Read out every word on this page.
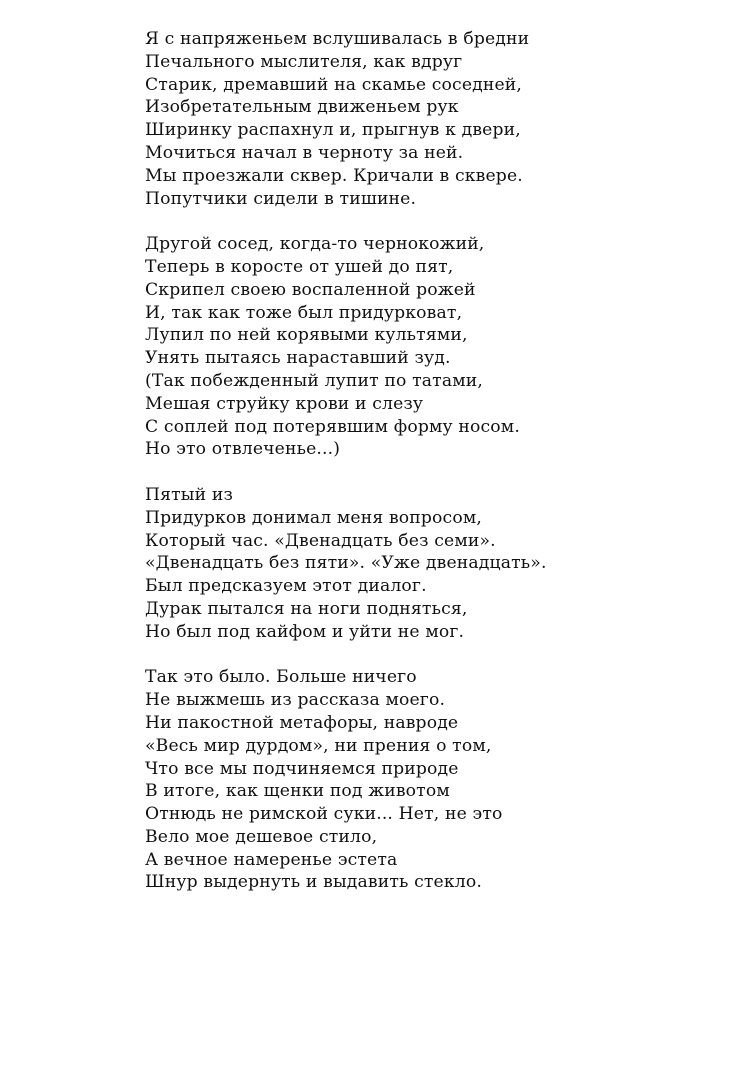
Я с напряженьем вслушивалась в бредни
Печального мыслителя, как вдруг
Старик, дремавший на скамье соседней,
Изобретательным движеньем рук
Ширинку распахнул и, прыгнув к двери,
Мочиться начал в черноту за ней.
Мы проезжали сквер. Кричали в сквере.
Попутчики сидели в тишине.
Другой сосед, когда-то чернокожий,
Теперь в коросте от ушей до пят,
Скрипел своею воспаленной рожей
И, так как тоже был придурковат,
Лупил по ней корявыми культями,
Унять пытаясь нараставший зуд.
(Так побежденный лупит по татами,
Мешая струйку крови и слезу
С соплей под потерявшим форму носом.
Но это отвлеченье...)
Пятый из
Придурков донимал меня вопросом,
Который час. «Двенадцать без семи».
«Двенадцать без пяти». «Уже двенадцать».
Был предсказуем этот диалог.
Дурак пытался на ноги подняться,
Но был под кайфом и уйти не мог.
Так это было. Больше ничего
Не выжмешь из рассказа моего.
Ни пакостной метафоры, навроде
«Весь мир дурдом», ни прения о том,
Что все мы подчиняемся природе
В итоге, как щенки под животом
Отнюдь не римской суки... Нет, не это
Вело мое дешевое стило,
А вечное намеренье эстета
Шнур выдернуть и выдавить стекло.
